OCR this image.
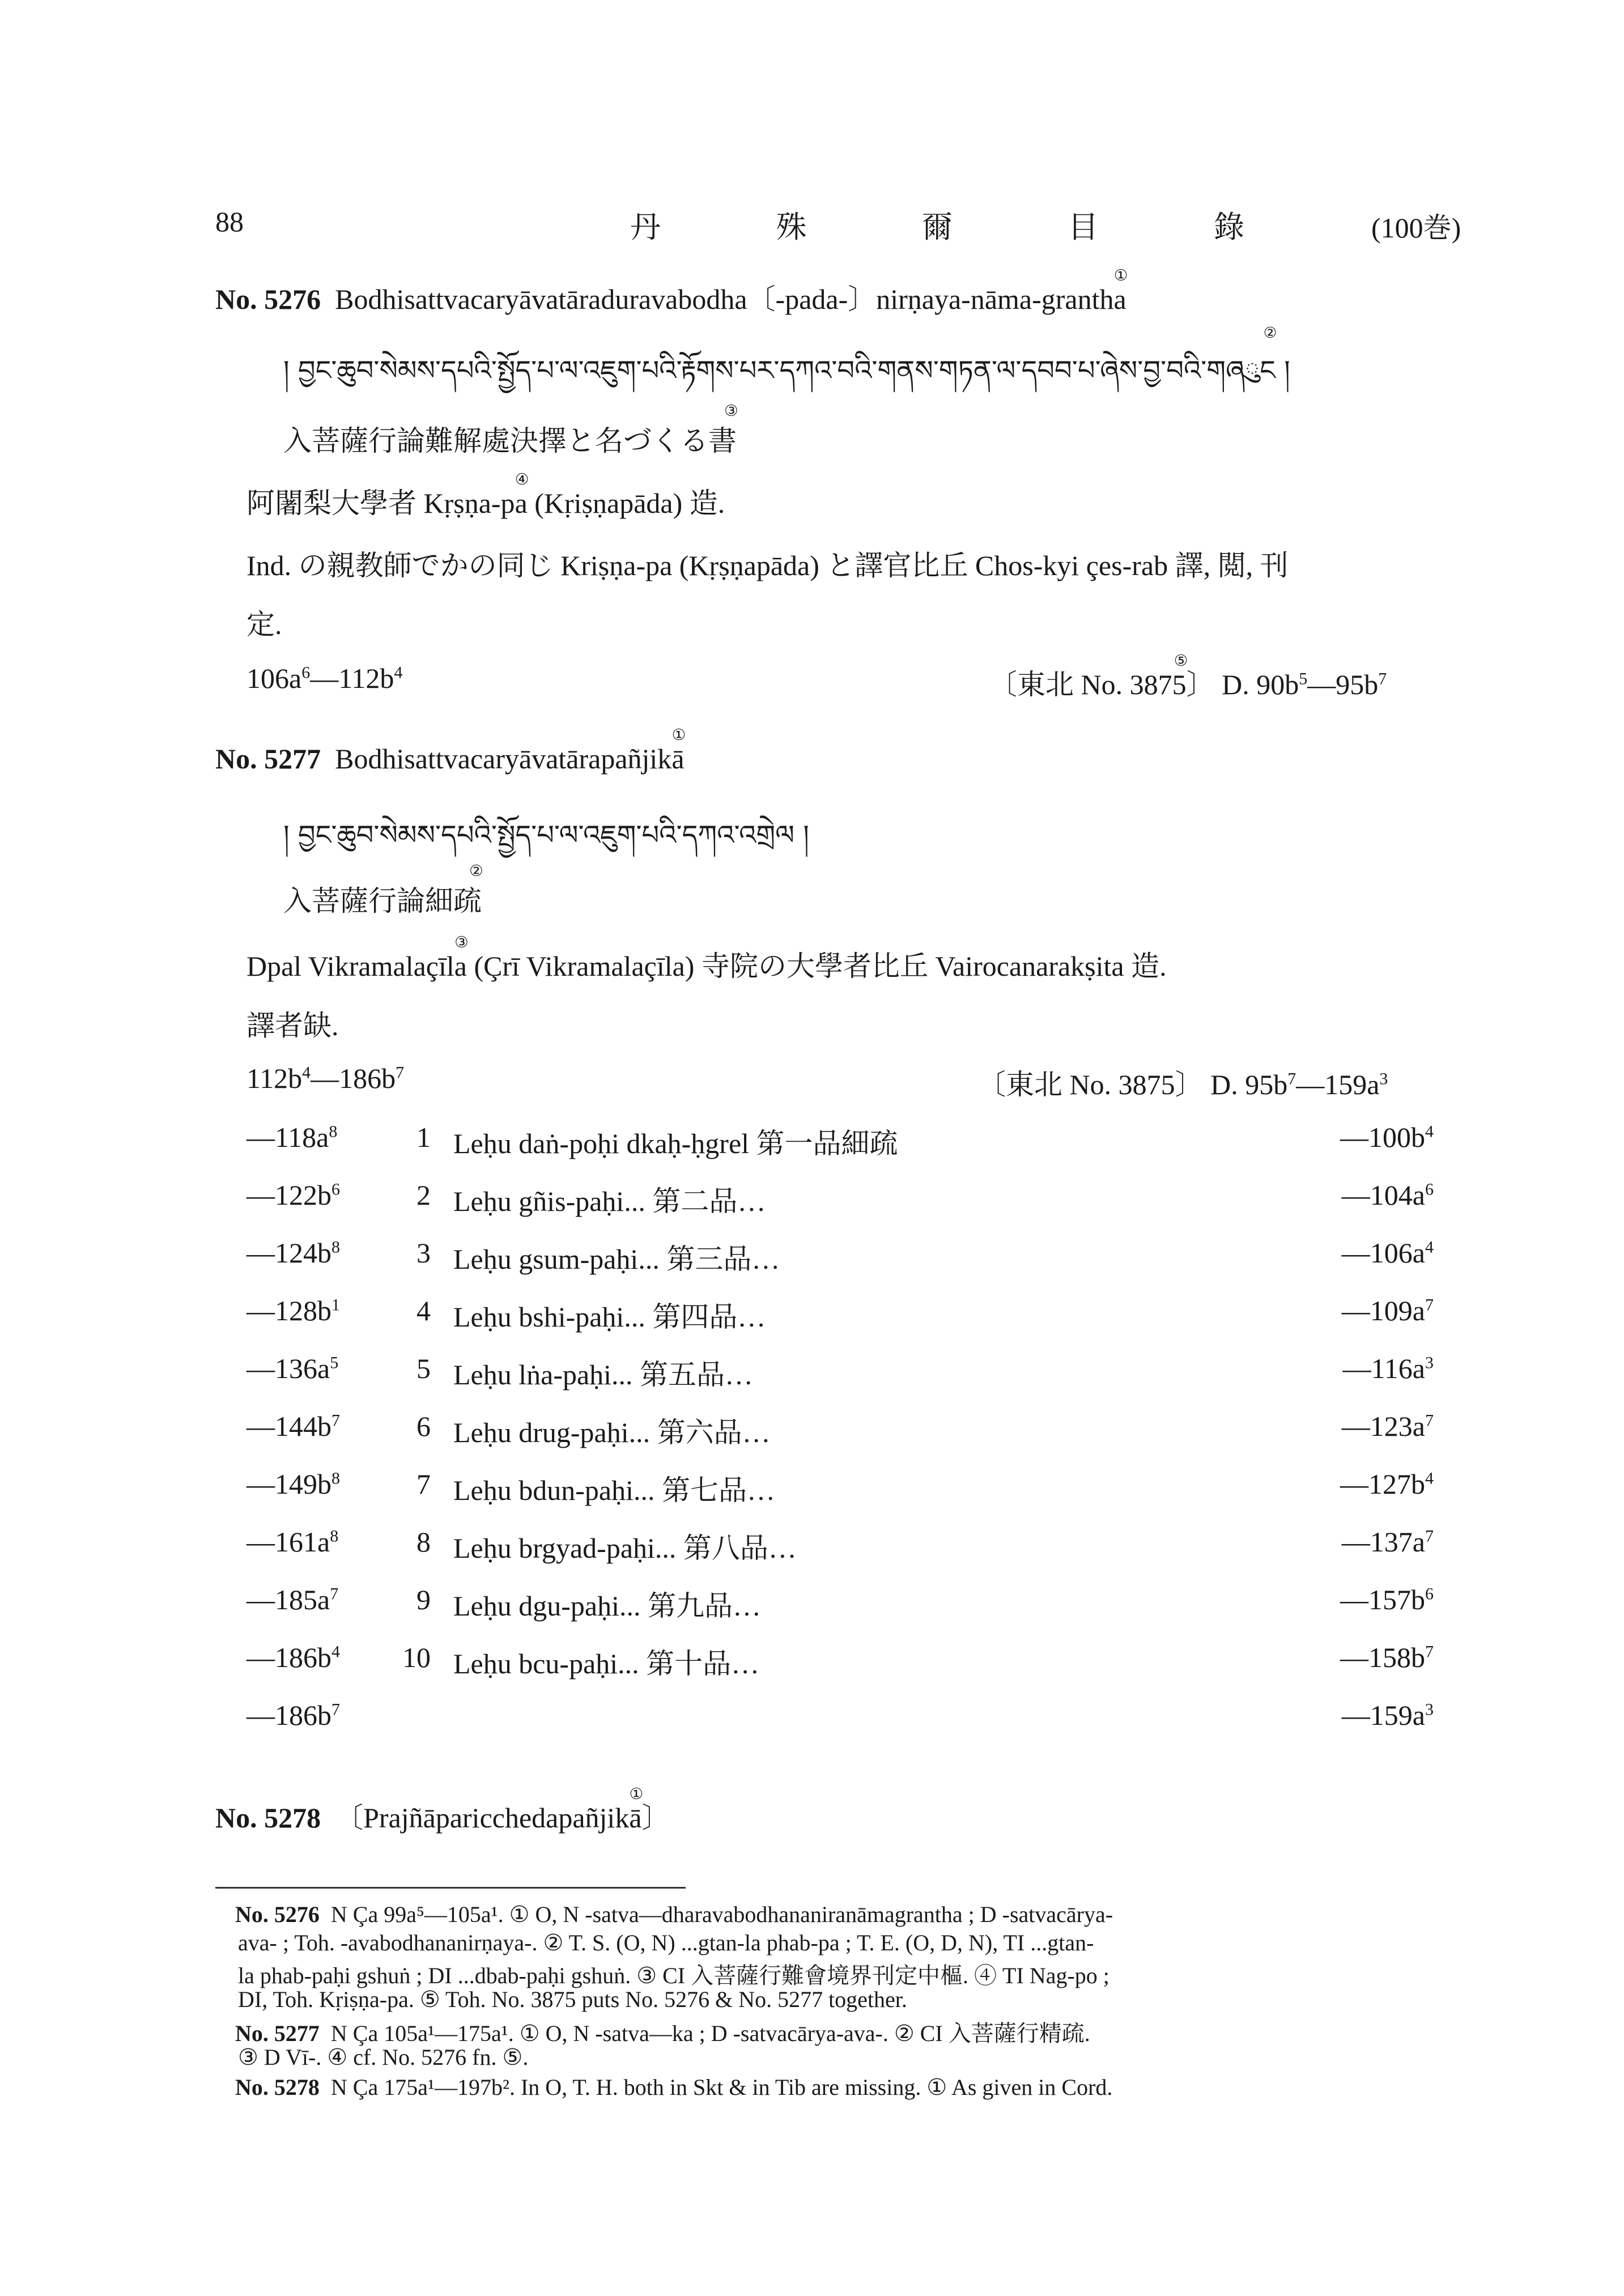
88	丹 殊 爾 目 錄	(100巻)
No. 5276 Bodhisattvacaryāvatāraduravabodha〔-pada-〕nirṇaya-nāma-grantha
①
། བྱང་ཆུབ་སེམས་དཔའི་སྤྱོད་པ་ལ་འཇུག་པའི་རྟོགས་པར་དཀའ་བའི་གནས་གཏན་ལ་དབབ་པ་ཞེས་བྱ་བའི་གཞུང
②
།
入菩薩行論難解處決擇と名づくる書
③
阿闍梨大學者 Kṛṣṇa-pa
④
(Kṛiṣṇapāda) 造.
Ind. の親教師でかの同じ Kriṣṇa-pa (Kṛṣṇapāda) と譯官比丘 Chos-kyi çes-rab 譯, 閲, 刊
定.
$106a^6—112b^4$	〔東北 No. 3875
⑤
〕 D. $90b^5—95b^7$
No. 5277 Bodhisattvacaryāvatārapañjikā
①
། བྱང་ཆུབ་སེམས་དཔའི་སྤྱོད་པ་ལ་འཇུག་པའི་དཀའ་འགྲེལ །
入菩薩行論細疏
②
Dpal Vikramalaçīla
③
(Çrī Vikramalaçīla) 寺院の大學者比丘 Vairocanarakṣita 造.
譯者缺.
$112b^4—186b^7$	〔東北 No. 3875〕 D. $95b^7—159a^3$
$—118a^8$	1 Leḥu daṅ-poḥi dkaḥ-ḥgrel 第一品細疏	$—100b^4$
$—122b^6$	2 Leḥu gñis-paḥi... 第二品…	$—104a^6$
$—124b^8$	3 Leḥu gsum-paḥi... 第三品…	$—106a^4$
$—128b^1$	4 Leḥu bshi-paḥi... 第四品…	$—109a^7$
$—136a^5$	5 Leḥu lṅa-paḥi... 第五品…	$—116a^3$
$—144b^7$	6 Leḥu drug-paḥi... 第六品…	$—123a^7$
$—149b^8$	7 Leḥu bdun-paḥi... 第七品…	$—127b^4$
$—161a^8$	8 Leḥu brgyad-paḥi... 第八品…	$—137a^7$
$—185a^7$	9 Leḥu dgu-paḥi... 第九品…	$—157b^6$
$—186b^4$	10 Leḥu bcu-paḥi... 第十品…	$—158b^7$
$—186b^7$	$—159a^3$
No. 5278 〔Prajñāparicchedapañjikā
①
〕
No. 5276 N Ça 99a⁵—105a¹. ① O, N -satva—dharavabodhananiranāmagrantha ; D -satvacārya-
ava- ; Toh. -avabodhananirṇaya-. ② T. S. (O, N) ...gtan-la phab-pa ; T. E. (O, D, N), TI ...gtan-
la phab-paḥi gshuṅ ; DI ...dbab-paḥi gshuṅ. ③ CI 入菩薩行難會境界刊定中樞. ④ TI Nag-po ;
DI, Toh. Kṛiṣṇa-pa. ⑤ Toh. No. 3875 puts No. 5276 & No. 5277 together.
No. 5277 N Ça 105a¹—175a¹. ① O, N -satva—ka ; D -satvacārya-ava-. ② CI 入菩薩行精疏.
③ D Vī-. ④ cf. No. 5276 fn. ⑤.
No. 5278 N Ça 175a¹—197b². In O, T. H. both in Skt & in Tib are missing. ① As given in Cord.
